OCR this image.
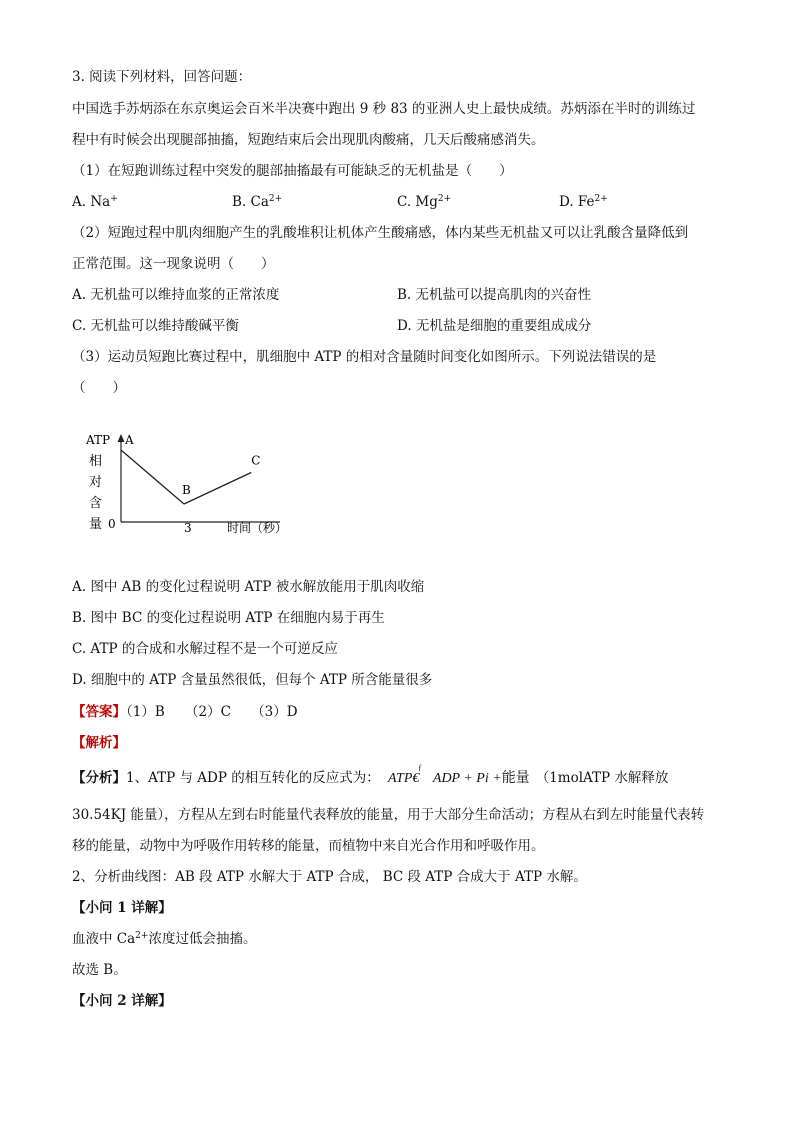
3. 阅读下列材料，回答问题：
中国选手苏炳添在东京奥运会百米半决赛中跑出 9 秒 83 的亚洲人史上最快成绩。苏炳添在半时的训练过
程中有时候会出现腿部抽搐，短跑结束后会出现肌肉酸痛，几天后酸痛感消失。
（1）在短跑训练过程中突发的腿部抽搐最有可能缺乏的无机盐是（　　）
A. Na+	B. $Ca^{2+}$	C. $Mg^{2+}$	D. $Fe^{2+}$
（2）短跑过程中肌肉细胞产生的乳酸堆积让机体产生酸痛感，体内某些无机盐又可以让乳酸含量降低到
正常范围。这一现象说明（　　）
A. 无机盐可以维持血浆的正常浓度	B. 无机盐可以提高肌肉的兴奋性
C. 无机盐可以维持酸碱平衡	D. 无机盐是细胞的重要组成成分
（3）运动员短跑比赛过程中，肌细胞中 ATP 的相对含量随时间变化如图所示。下列说法错误的是
（　　）
ATP
相
对
含
量 0	3	时间（秒）
A
B
C
A. 图中 AB 的变化过程说明 ATP 被水解放能用于肌肉收缩
B. 图中 BC 的变化过程说明 ATP 在细胞内易于再生
C. ATP 的合成和水解过程不是一个可逆反应
D. 细胞中的 ATP 含量虽然很低，但每个 ATP 所含能量很多
【答案】（1）B　　（2）C　　（3）D
【解析】
【分析】1、ATP 与 ADP 的相互转化的反应式为： ATP€
ƒ
ADP + Pi +能量 （1molATP 水解释放
30.54KJ 能量），方程从左到右时能量代表释放的能量，用于大部分生命活动；方程从右到左时能量代表转
移的能量，动物中为呼吸作用转移的能量，而植物中来自光合作用和呼吸作用。
2、分析曲线图：AB 段 ATP 水解大于 ATP 合成， BC 段 ATP 合成大于 ATP 水解。
【小问 1 详解】
血液中 $Ca^{2+}$浓度过低会抽搐。
故选 B。
【小问 2 详解】
